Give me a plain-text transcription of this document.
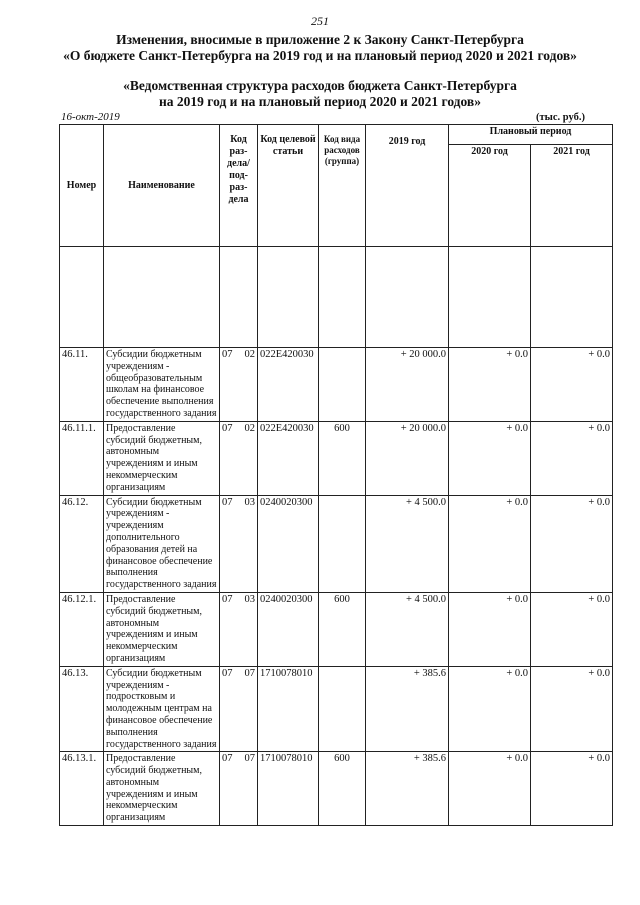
251
Изменения, вносимые в приложение 2 к Закону Санкт-Петербурга
«О бюджете Санкт-Петербурга на 2019 год и на плановый период 2020 и 2021 годов»
«Ведомственная структура расходов бюджета Санкт-Петербурга
на 2019 год и на плановый период 2020 и 2021 годов»
16-окт-2019	(тыс. руб.)
Номер	Наименование	Код раз- дела/ под- раз- дела	Код целевой статьи	Код вида расходов (группа)	2019 год	Плановый период	
						2020 год	2021 год

46.11.	Субсидии бюджетным учреждениям - общеобразовательным школам на финансовое обеспечение выполнения государственного задания	07 02	022Е420030		+ 20 000.0	+ 0.0	+ 0.0
46.11.1.	Предоставление субсидий бюджетным, автономным учреждениям и иным некоммерческим организациям	07 02	022Е420030	600	+ 20 000.0	+ 0.0	+ 0.0
46.12.	Субсидии бюджетным учреждениям - учреждениям дополнительного образования детей на финансовое обеспечение выполнения государственного задания	07 03	0240020300		+ 4 500.0	+ 0.0	+ 0.0
46.12.1.	Предоставление субсидий бюджетным, автономным учреждениям и иным некоммерческим организациям	07 03	0240020300	600	+ 4 500.0	+ 0.0	+ 0.0
46.13.	Субсидии бюджетным учреждениям - подростковым и молодежным центрам на финансовое обеспечение выполнения государственного задания	07 07	1710078010		+ 385.6	+ 0.0	+ 0.0
46.13.1.	Предоставление субсидий бюджетным, автономным учреждениям и иным некоммерческим организациям	07 07	1710078010	600	+ 385.6	+ 0.0	+ 0.0
